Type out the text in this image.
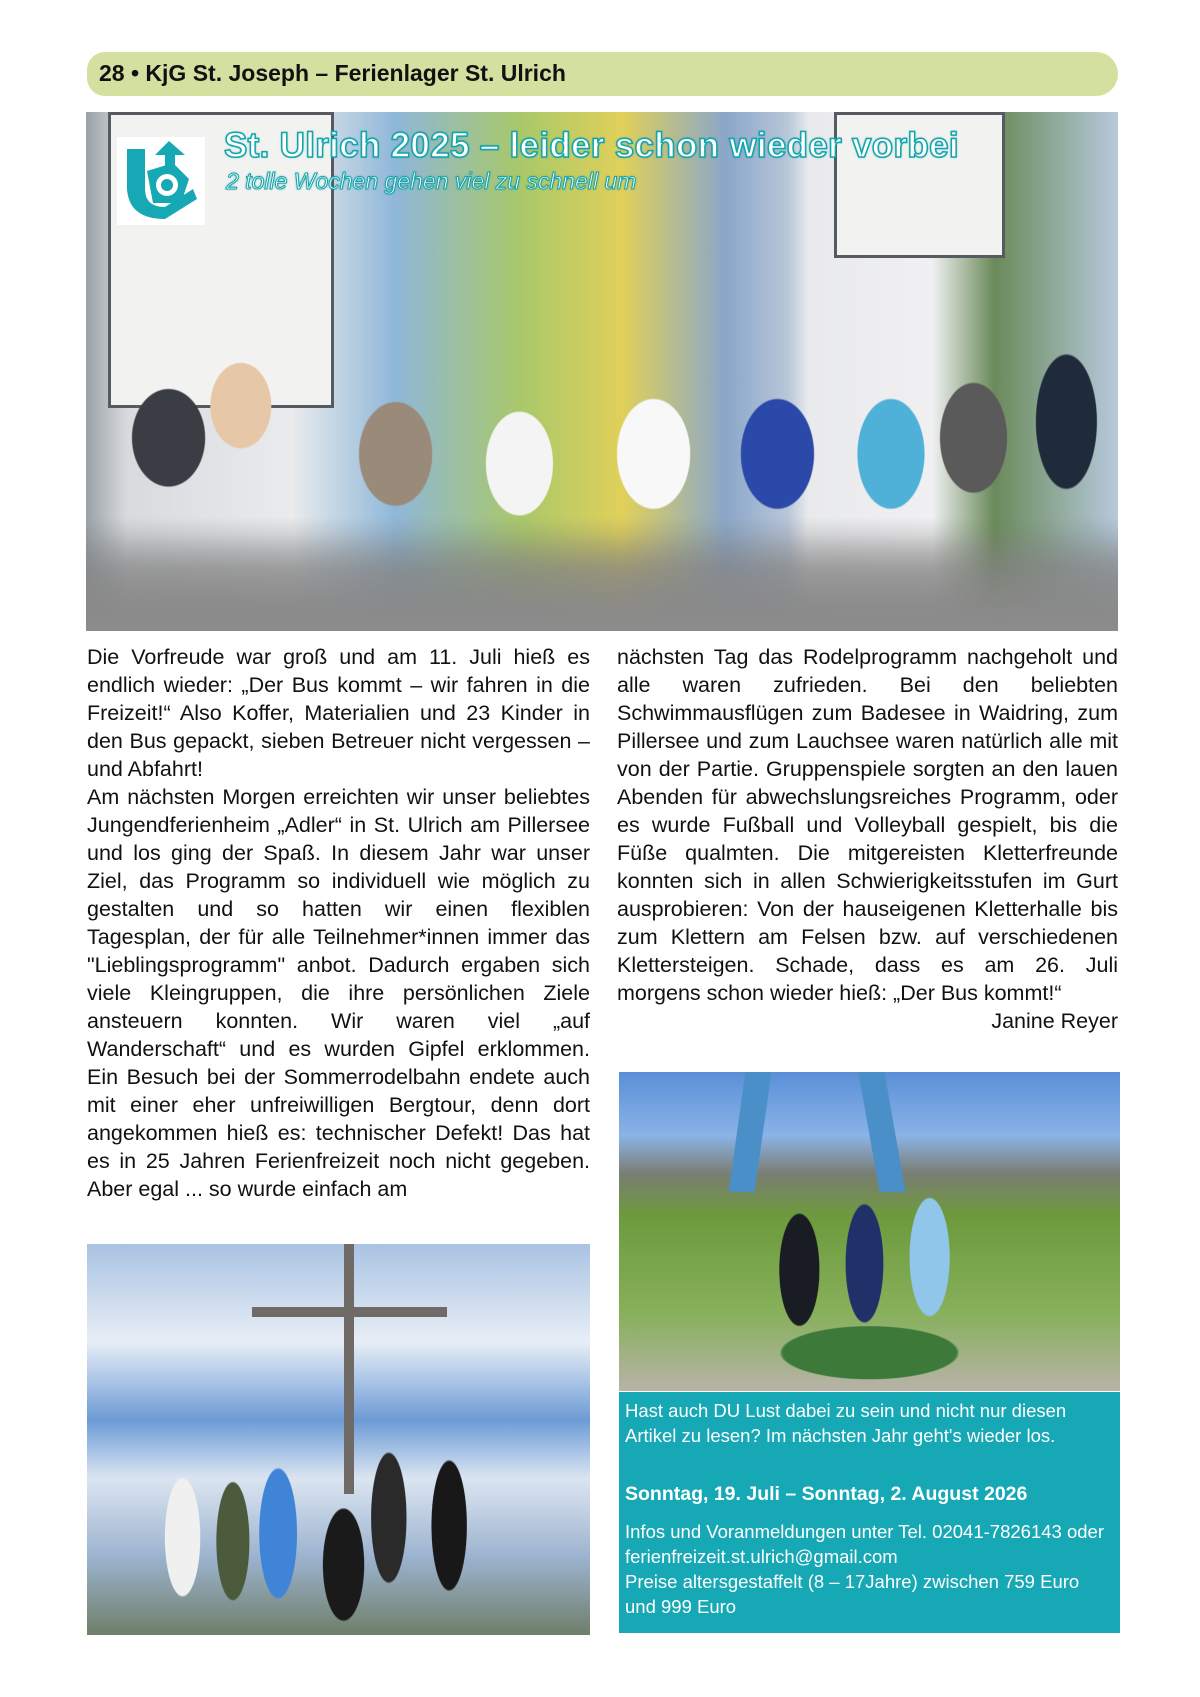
28 • KjG St. Joseph – Ferienlager St. Ulrich
St. Ulrich 2025 – leider schon wieder vorbei
2 tolle Wochen gehen viel zu schnell um

Die Vorfreude war groß und am 11. Juli hieß es endlich wieder: „Der Bus kommt – wir fahren in die Freizeit!“ Also Koffer, Materialien und 23 Kinder in den Bus gepackt, sieben Betreuer nicht vergessen – und Abfahrt!

Am nächsten Morgen erreichten wir unser beliebtes Jungendferienheim „Adler“ in St. Ulrich am Pillersee und los ging der Spaß. In diesem Jahr war unser Ziel, das Programm so individuell wie möglich zu gestalten und so hatten wir einen flexiblen Tagesplan, der für alle Teilnehmer*innen immer das "Lieblingsprogramm" anbot. Dadurch ergaben sich viele Kleingruppen, die ihre persönlichen Ziele ansteuern konnten. Wir waren viel „auf Wanderschaft“ und es wurden Gipfel erklommen. Ein Besuch bei der Sommerrodelbahn endete auch mit einer eher unfreiwilligen Bergtour, denn dort angekommen hieß es: technischer Defekt! Das hat es in 25 Jahren Ferienfreizeit noch nicht gegeben. Aber egal ... so wurde einfach am

nächsten Tag das Rodelprogramm nachgeholt und alle waren zufrieden. Bei den beliebten Schwimmausflügen zum Badesee in Waidring, zum Pillersee und zum Lauchsee waren natürlich alle mit von der Partie. Gruppenspiele sorgten an den lauen Abenden für abwechslungsreiches Programm, oder es wurde Fußball und Volleyball gespielt, bis die Füße qualmten. Die mitgereisten Kletterfreunde konnten sich in allen Schwierigkeitsstufen im Gurt ausprobieren: Von der hauseigenen Kletterhalle bis zum Klettern am Felsen bzw. auf verschiedenen Klettersteigen. Schade, dass es am 26. Juli morgens schon wieder hieß: „Der Bus kommt!“

Janine Reyer

Hast auch DU Lust dabei zu sein und nicht nur diesen Artikel zu lesen? Im nächsten Jahr geht's wieder los.
Sonntag, 19. Juli – Sonntag, 2. August 2026
Infos und Voranmeldungen unter Tel. 02041-7826143 oder ferienfreizeit.st.ulrich@gmail.com
Preise altersgestaffelt (8 – 17Jahre) zwischen 759 Euro und 999 Euro
